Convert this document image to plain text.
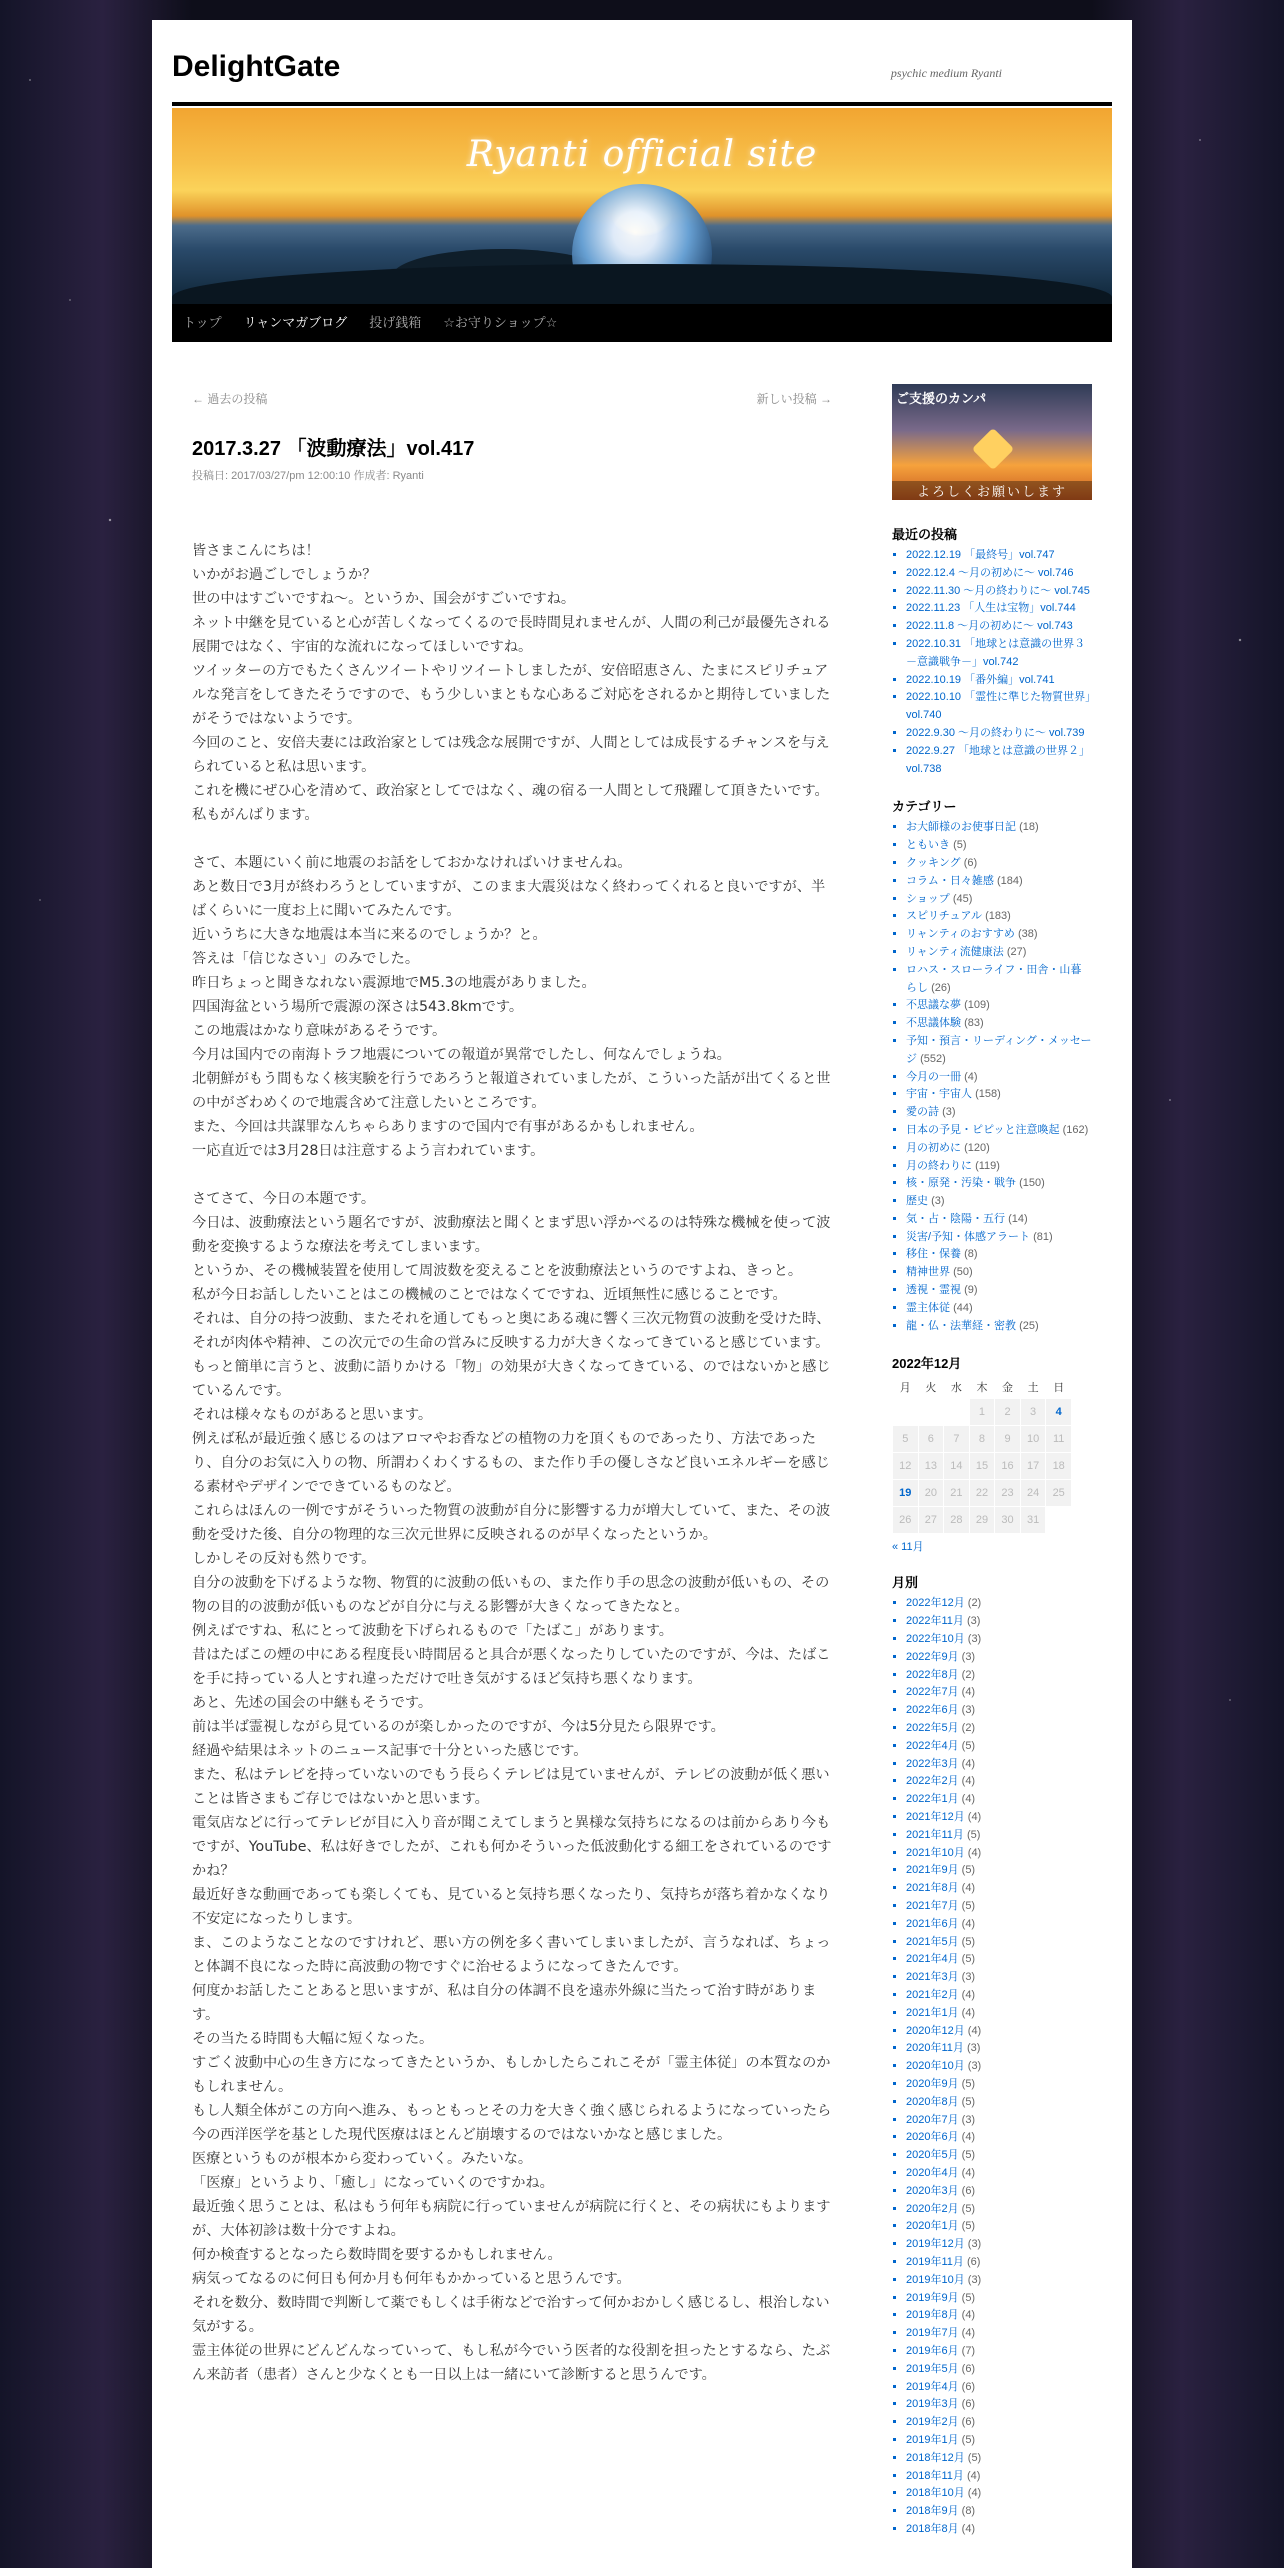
DelightGate	psychic medium Ryanti
Ryanti official site
トップ	リャンマガブログ	投げ銭箱	☆お守りショップ☆
← 過去の投稿	新しい投稿 →
2017.3.27 「波動療法」vol.417
投稿日: 2017/03/27/pm 12:00:10 作成者: Ryanti

皆さまこんにちは！

いかがお過ごしでしょうか？

世の中はすごいですね～。というか、国会がすごいですね。

ネット中継を見ていると心が苦しくなってくるので長時間見れませんが、人間の利己が最優先される展開ではなく、宇宙的な流れになってほしいですね。

ツイッターの方でもたくさんツイートやリツイートしましたが、安倍昭恵さん、たまにスピリチュアルな発言をしてきたそうですので、もう少しいまともな心あるご対応をされるかと期待していましたがそうではないようです。

今回のこと、安倍夫妻には政治家としては残念な展開ですが、人間としては成長するチャンスを与えられていると私は思います。

これを機にぜひ心を清めて、政治家としてではなく、魂の宿る一人間として飛躍して頂きたいです。

私もがんばります。

さて、本題にいく前に地震のお話をしておかなければいけませんね。

あと数日で3月が終わろうとしていますが、このまま大震災はなく終わってくれると良いですが、半ばくらいに一度お上に聞いてみたんです。

近いうちに大きな地震は本当に来るのでしょうか？と。

答えは「信じなさい」のみでした。

昨日ちょっと聞きなれない震源地でM5.3の地震がありました。

四国海盆という場所で震源の深さは543.8kmです。

この地震はかなり意味があるそうです。

今月は国内での南海トラフ地震についての報道が異常でしたし、何なんでしょうね。

北朝鮮がもう間もなく核実験を行うであろうと報道されていましたが、こういった話が出てくると世の中がざわめくので地震含めて注意したいところです。

また、今回は共謀罪なんちゃらありますので国内で有事があるかもしれません。

一応直近では3月28日は注意するよう言われています。

さてさて、今日の本題です。

今日は、波動療法という題名ですが、波動療法と聞くとまず思い浮かべるのは特殊な機械を使って波動を変換するような療法を考えてしまいます。

というか、その機械装置を使用して周波数を変えることを波動療法というのですよね、きっと。

私が今日お話ししたいことはこの機械のことではなくてですね、近頃無性に感じることです。

それは、自分の持つ波動、またそれを通してもっと奥にある魂に響く三次元物質の波動を受けた時、それが肉体や精神、この次元での生命の営みに反映する力が大きくなってきていると感じています。

もっと簡単に言うと、波動に語りかける「物」の効果が大きくなってきている、のではないかと感じているんです。

それは様々なものがあると思います。

例えば私が最近強く感じるのはアロマやお香などの植物の力を頂くものであったり、方法であったり、自分のお気に入りの物、所謂わくわくするもの、また作り手の優しさなど良いエネルギーを感じる素材やデザインでできているものなど。

これらはほんの一例ですがそういった物質の波動が自分に影響する力が増大していて、また、その波動を受けた後、自分の物理的な三次元世界に反映されるのが早くなったというか。

しかしその反対も然りです。

自分の波動を下げるような物、物質的に波動の低いもの、また作り手の思念の波動が低いもの、その物の目的の波動が低いものなどが自分に与える影響が大きくなってきたなと。

例えばですね、私にとって波動を下げられるもので「たばこ」があります。

昔はたばこの煙の中にある程度長い時間居ると具合が悪くなったりしていたのですが、今は、たばこを手に持っている人とすれ違っただけで吐き気がするほど気持ち悪くなります。

あと、先述の国会の中継もそうです。

前は半ば霊視しながら見ているのが楽しかったのですが、今は5分見たら限界です。

経過や結果はネットのニュース記事で十分といった感じです。

また、私はテレビを持っていないのでもう長らくテレビは見ていませんが、テレビの波動が低く悪いことは皆さまもご存じではないかと思います。

電気店などに行ってテレビが目に入り音が聞こえてしまうと異様な気持ちになるのは前からあり今もですが、YouTube、私は好きでしたが、これも何かそういった低波動化する細工をされているのですかね？

最近好きな動画であっても楽しくても、見ていると気持ち悪くなったり、気持ちが落ち着かなくなり不安定になったりします。

ま、このようなことなのですけれど、悪い方の例を多く書いてしまいましたが、言うなれば、ちょっと体調不良になった時に高波動の物ですぐに治せるようになってきたんです。

何度かお話したことあると思いますが、私は自分の体調不良を遠赤外線に当たって治す時があります。

その当たる時間も大幅に短くなった。

すごく波動中心の生き方になってきたというか、もしかしたらこれこそが「霊主体従」の本質なのかもしれません。

もし人類全体がこの方向へ進み、もっともっとその力を大きく強く感じられるようになっていったら今の西洋医学を基とした現代医療はほとんど崩壊するのではないかなと感じました。

医療というものが根本から変わっていく。みたいな。

「医療」というより、「癒し」になっていくのですかね。

最近強く思うことは、私はもう何年も病院に行っていませんが病院に行くと、その病状にもよりますが、大体初診は数十分ですよね。

何か検査するとなったら数時間を要するかもしれません。

病気ってなるのに何日も何か月も何年もかかっていると思うんです。

それを数分、数時間で判断して薬でもしくは手術などで治すって何かおかしく感じるし、根治しない気がする。

霊主体従の世界にどんどんなっていって、もし私が今でいう医者的な役割を担ったとするなら、たぶん来訪者（患者）さんと少なくとも一日以上は一緒にいて診断すると思うんです。

ご支援のカンパ
よろしくお願いします
最近の投稿
▪ 2022.12.19 「最終号」vol.747
▪ 2022.12.4 ～月の初めに～ vol.746
▪ 2022.11.30 ～月の終わりに～ vol.745
▪ 2022.11.23 「人生は宝物」vol.744
▪ 2022.11.8 ～月の初めに～ vol.743
▪ 2022.10.31 「地球とは意識の世界３－意識戦争－」vol.742
▪ 2022.10.19 「番外編」vol.741
▪ 2022.10.10 「霊性に準じた物質世界」vol.740
▪ 2022.9.30 ～月の終わりに～ vol.739
▪ 2022.9.27 「地球とは意識の世界２」vol.738
カテゴリー
▪ お大師様のお使事日記 (18)
▪ ともいき (5)
▪ クッキング (6)
▪ コラム・日々雑感 (184)
▪ ショップ (45)
▪ スピリチュアル (183)
▪ リャンティのおすすめ (38)
▪ リャンティ流健康法 (27)
▪ ロハス・スローライフ・田舎・山暮らし (26)
▪ 不思議な夢 (109)
▪ 不思議体験 (83)
▪ 予知・預言・リーディング・メッセージ (552)
▪ 今月の一冊 (4)
▪ 宇宙・宇宙人 (158)
▪ 愛の詩 (3)
▪ 日本の予見・ピピッと注意喚起 (162)
▪ 月の初めに (120)
▪ 月の終わりに (119)
▪ 核・原発・汚染・戦争 (150)
▪ 歴史 (3)
▪ 気・占・陰陽・五行 (14)
▪ 災害/予知・体感アラート (81)
▪ 移住・保養 (8)
▪ 精神世界 (50)
▪ 透視・霊視 (9)
▪ 霊主体従 (44)
▪ 龍・仏・法華経・密教 (25)
2022年12月
月	火	水	木	金	土	日
			1	2	3	4
5	6	7	8	9	10	11
12	13	14	15	16	17	18
19	20	21	22	23	24	25
26	27	28	29	30	31	
« 11月
月別
▪ 2022年12月 (2)
▪ 2022年11月 (3)
▪ 2022年10月 (3)
▪ 2022年9月 (3)
▪ 2022年8月 (2)
▪ 2022年7月 (4)
▪ 2022年6月 (3)
▪ 2022年5月 (2)
▪ 2022年4月 (5)
▪ 2022年3月 (4)
▪ 2022年2月 (4)
▪ 2022年1月 (4)
▪ 2021年12月 (4)
▪ 2021年11月 (5)
▪ 2021年10月 (4)
▪ 2021年9月 (5)
▪ 2021年8月 (4)
▪ 2021年7月 (5)
▪ 2021年6月 (4)
▪ 2021年5月 (5)
▪ 2021年4月 (5)
▪ 2021年3月 (3)
▪ 2021年2月 (4)
▪ 2021年1月 (4)
▪ 2020年12月 (4)
▪ 2020年11月 (3)
▪ 2020年10月 (3)
▪ 2020年9月 (5)
▪ 2020年8月 (5)
▪ 2020年7月 (3)
▪ 2020年6月 (4)
▪ 2020年5月 (5)
▪ 2020年4月 (4)
▪ 2020年3月 (6)
▪ 2020年2月 (5)
▪ 2020年1月 (5)
▪ 2019年12月 (3)
▪ 2019年11月 (6)
▪ 2019年10月 (3)
▪ 2019年9月 (5)
▪ 2019年8月 (4)
▪ 2019年7月 (4)
▪ 2019年6月 (7)
▪ 2019年5月 (6)
▪ 2019年4月 (6)
▪ 2019年3月 (6)
▪ 2019年2月 (6)
▪ 2019年1月 (5)
▪ 2018年12月 (5)
▪ 2018年11月 (4)
▪ 2018年10月 (4)
▪ 2018年9月 (8)
▪ 2018年8月 (4)
